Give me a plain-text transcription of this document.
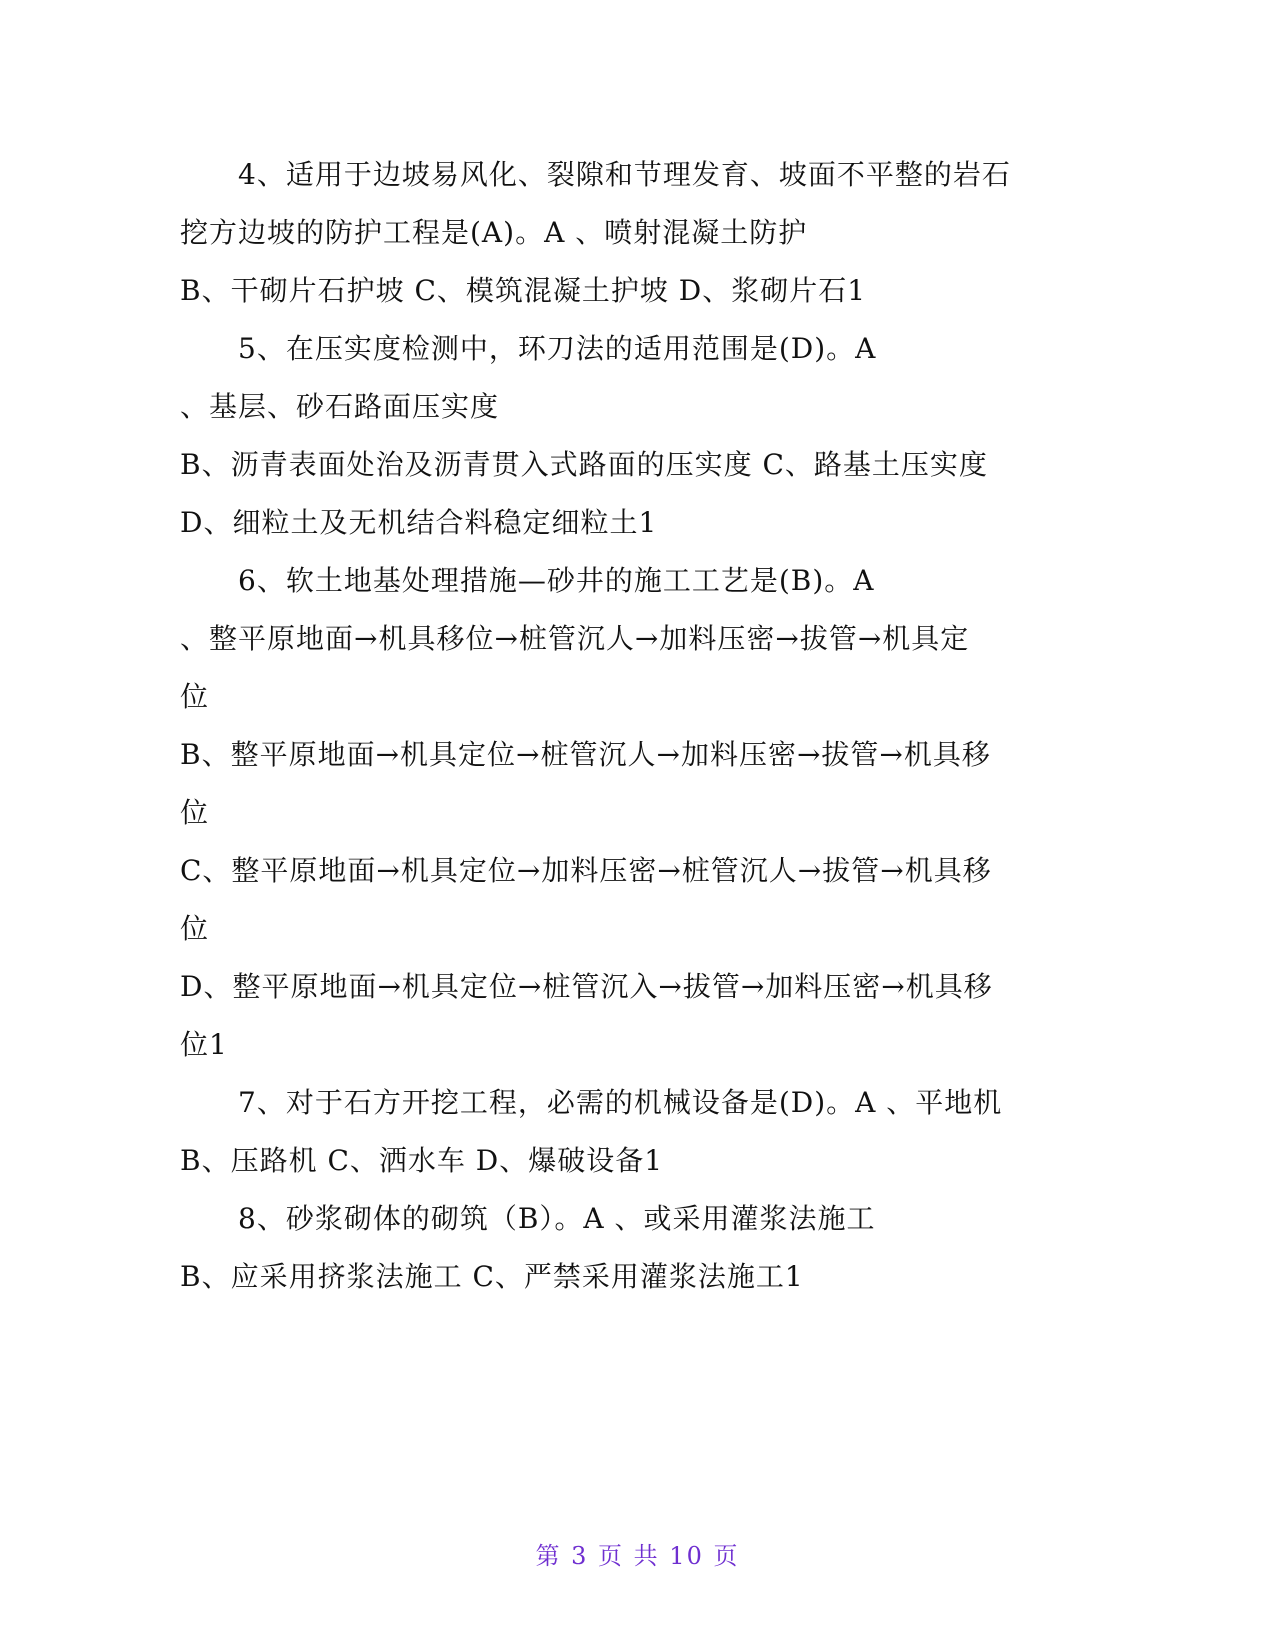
4、适用于边坡易风化、裂隙和节理发育、坡面不平整的岩石
挖方边坡的防护工程是(A)。A 、喷射混凝土防护
B、干砌片石护坡 C、模筑混凝土护坡 D、浆砌片石1
5、在压实度检测中，环刀法的适用范围是(D)。A
、基层、砂石路面压实度
B、沥青表面处治及沥青贯入式路面的压实度 C、路基土压实度
D、细粒土及无机结合料稳定细粒土1
6、软土地基处理措施—砂井的施工工艺是(B)。A
、整平原地面→机具移位→桩管沉人→加料压密→拔管→机具定
位
B、整平原地面→机具定位→桩管沉人→加料压密→拔管→机具移
位
C、整平原地面→机具定位→加料压密→桩管沉人→拔管→机具移
位
D、整平原地面→机具定位→桩管沉入→拔管→加料压密→机具移
位1
7、对于石方开挖工程，必需的机械设备是(D)。A 、平地机
B、压路机 C、洒水车 D、爆破设备1
8、砂浆砌体的砌筑（B）。A 、或采用灌浆法施工
B、应采用挤浆法施工 C、严禁采用灌浆法施工1
第 3 页 共 10 页
